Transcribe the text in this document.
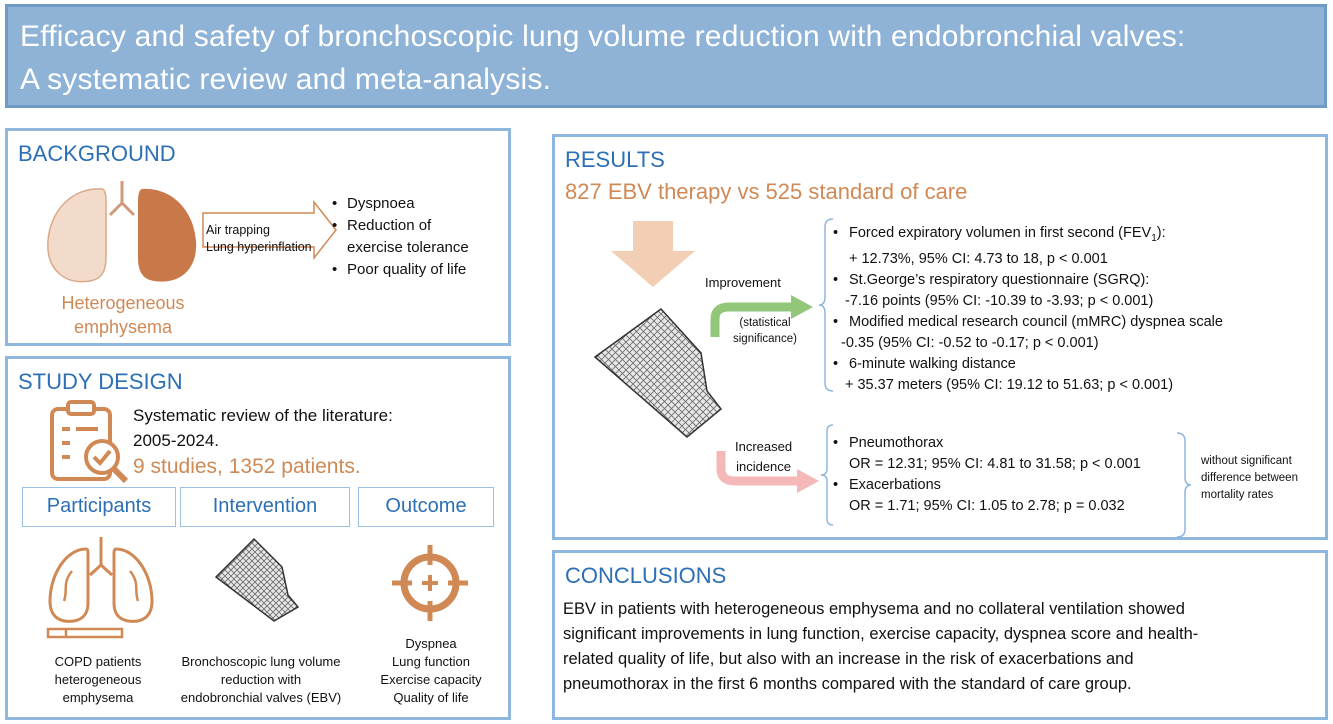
Efficacy and safety of bronchoscopic lung volume reduction with endobronchial valves:
A systematic review and meta-analysis.
BACKGROUND
Heterogeneous
emphysema
Air trapping
Lung hyperinflation
• Dyspnoea
• Reduction of
exercise tolerance
• Poor quality of life
STUDY DESIGN
Systematic review of the literature:
2005-2024.
9 studies, 1352 patients.
Participants	Intervention	Outcome
COPD patients
heterogeneous
emphysema
Bronchoscopic lung volume
reduction with
endobronchial valves (EBV)
Dyspnea
Lung function
Exercise capacity
Quality of life
RESULTS
827 EBV therapy vs 525 standard of care
Improvement
(statistical
significance)
• Forced expiratory volumen in first second $(FEV_1)$:
+ 12.73%, 95% CI: 4.73 to 18, p < 0.001
• St.George’s respiratory questionnaire (SGRQ):
-7.16 points (95% CI: -10.39 to -3.93; p < 0.001)
• Modified medical research council (mMRC) dyspnea scale
-0.35 (95% CI: -0.52 to -0.17; p < 0.001)
• 6-minute walking distance
+ 35.37 meters (95% CI: 19.12 to 51.63; p < 0.001)
Increased
incidence
• Pneumothorax
OR = 12.31; 95% CI: 4.81 to 31.58; p < 0.001
• Exacerbations
OR = 1.71; 95% CI: 1.05 to 2.78; p = 0.032
without significant
difference between
mortality rates
CONCLUSIONS
EBV in patients with heterogeneous emphysema and no collateral ventilation showed
significant improvements in lung function, exercise capacity, dyspnea score and health-
related quality of life, but also with an increase in the risk of exacerbations and
pneumothorax in the first 6 months compared with the standard of care group.
